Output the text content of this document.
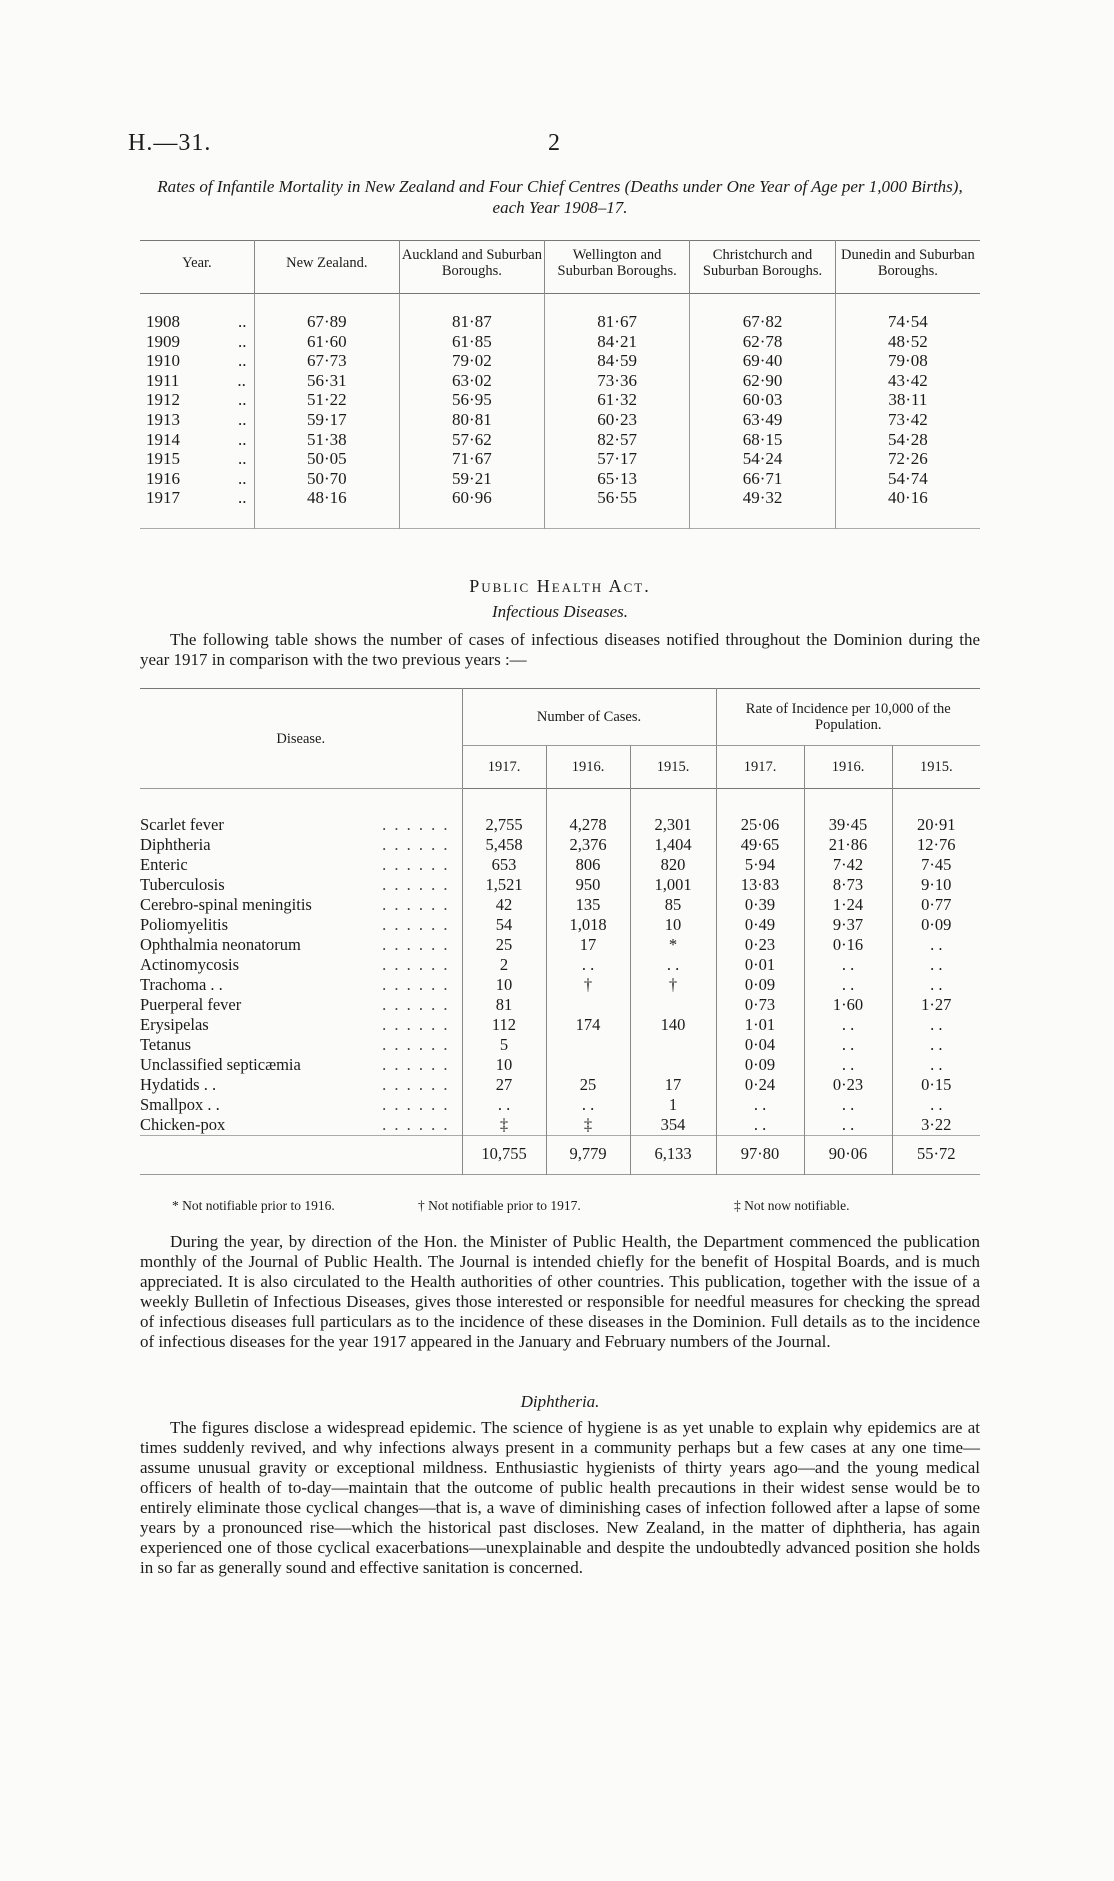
H.—31.	2
Rates of Infantile Mortality in New Zealand and Four Chief Centres (Deaths under One Year of Age per 1,000 Births), each Year 1908–17.
Year.	New Zealand.	Auckland and Suburban Boroughs.	Wellington and Suburban Boroughs.	Christchurch and Suburban Boroughs.	Dunedin and Suburban Boroughs.
1908 ..	67·89	81·87	81·67	67·82	74·54
1909 ..	61·60	61·85	84·21	62·78	48·52
1910 ..	67·73	79·02	84·59	69·40	79·08
1911 ..	56·31	63·02	73·36	62·90	43·42
1912 ..	51·22	56·95	61·32	60·03	38·11
1913 ..	59·17	80·81	60·23	63·49	73·42
1914 ..	51·38	57·62	82·57	68·15	54·28
1915 ..	50·05	71·67	57·17	54·24	72·26
1916 ..	50·70	59·21	65·13	66·71	54·74
1917 ..	48·16	60·96	56·55	49·32	40·16
Public Health Act.
Infectious Diseases.
The following table shows the number of cases of infectious diseases notified throughout the Dominion during the year 1917 in comparison with the two previous years :—
Disease.		Number of Cases.			Rate of Incidence per 10,000 of the Population.		
		1917.	1916.	1915.	1917.	1916.	1915.

Scarlet fever	. . . . . .	2,755	4,278	2,301	25·06	39·45	20·91
Diphtheria	. . . . . .	5,458	2,376	1,404	49·65	21·86	12·76
Enteric	. . . . . .	653	806	820	5·94	7·42	7·45
Tuberculosis	. . . . . .	1,521	950	1,001	13·83	8·73	9·10
Cerebro-spinal meningitis	. . . . . .	42	135	85	0·39	1·24	0·77
Poliomyelitis	. . . . . .	54	1,018	10	0·49	9·37	0·09
Ophthalmia neonatorum	. . . . . .	25	17	*	0·23	0·16	. .
Actinomycosis	. . . . . .	2	. .	. .	0·01	. .	. .
Trachoma . .	. . . . . .	10	†	†	0·09	. .	. .
Puerperal fever	. . . . . .	81			0·73	1·60	1·27
Erysipelas	. . . . . .	112	174	140	1·01	. .	. .
Tetanus	. . . . . .	5			0·04	. .	. .
Unclassified septicæmia	. . . . . .	10			0·09	. .	. .
Hydatids . .	. . . . . .	27	25	17	0·24	0·23	0·15
Smallpox . .	. . . . . .	. .	. .	1	. .	. .	. .
Chicken-pox	. . . . . .	‡	‡	354	. .	. .	3·22
		10,755	9,779	6,133	97·80	90·06	55·72
* Not notifiable prior to 1916.	† Not notifiable prior to 1917.	‡ Not now notifiable.
During the year, by direction of the Hon. the Minister of Public Health, the Department commenced the publication monthly of the Journal of Public Health. The Journal is intended chiefly for the benefit of Hospital Boards, and is much appreciated. It is also circulated to the Health authorities of other countries. This publication, together with the issue of a weekly Bulletin of Infectious Diseases, gives those interested or responsible for needful measures for checking the spread of infectious diseases full particulars as to the incidence of these diseases in the Dominion. Full details as to the incidence of infectious diseases for the year 1917 appeared in the January and February numbers of the Journal.
Diphtheria.
The figures disclose a widespread epidemic. The science of hygiene is as yet unable to explain why epidemics are at times suddenly revived, and why infections always present in a community perhaps but a few cases at any one time—assume unusual gravity or exceptional mildness. Enthusiastic hygienists of thirty years ago—and the young medical officers of health of to-day—maintain that the outcome of public health precautions in their widest sense would be to entirely eliminate those cyclical changes—that is, a wave of diminishing cases of infection followed after a lapse of some years by a pronounced rise—which the historical past discloses. New Zealand, in the matter of diphtheria, has again experienced one of those cyclical exacerbations—unexplainable and despite the undoubtedly advanced position she holds in so far as generally sound and effective sanitation is concerned.
